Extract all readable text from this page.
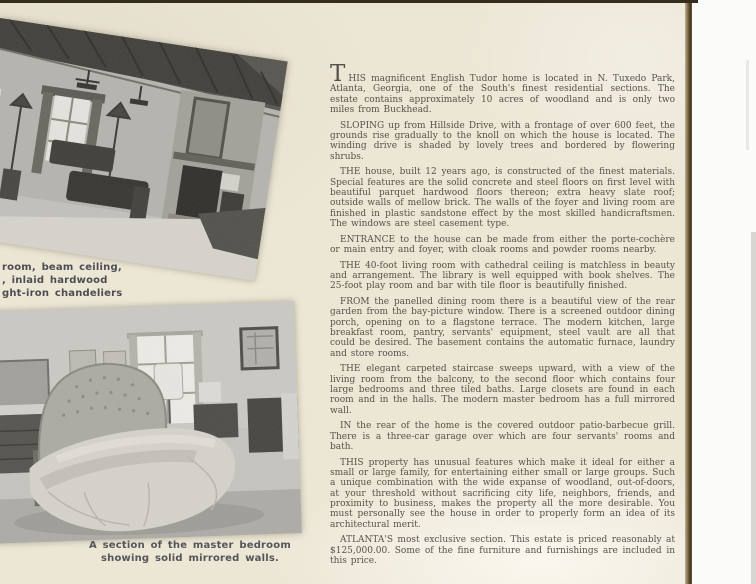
room, beam ceiling,
, inlaid hardwood
ght-iron chandeliers
A section of the master bedroom
showing solid mirrored walls.

THIS magnificent English Tudor home is located in N. Tuxedo Park, Atlanta, Georgia, one of the South's finest residential sections. The estate contains approximately 10 acres of woodland and is only two miles from Buckhead.

SLOPING up from Hillside Drive, with a frontage of over 600 feet, the grounds rise gradually to the knoll on which the house is located. The winding drive is shaded by lovely trees and bordered by flowering shrubs.

THE house, built 12 years ago, is constructed of the finest materials. Special features are the solid concrete and steel floors on first level with beautiful parquet hardwood floors thereon; extra heavy slate roof; outside walls of mellow brick. The walls of the foyer and living room are finished in plastic sandstone effect by the most skilled handicraftsmen. The windows are steel casement type.

ENTRANCE to the house can be made from either the porte-cochère or main entry and foyer, with cloak rooms and powder rooms nearby.

THE 40-foot living room with cathedral ceiling is matchless in beauty and arrangement. The library is well equipped with book shelves. The 25-foot play room and bar with tile floor is beautifully finished.

FROM the panelled dining room there is a beautiful view of the rear garden from the bay-picture window. There is a screened outdoor dining porch, opening on to a flagstone terrace. The modern kitchen, large breakfast room, pantry, servants' equipment, steel vault are all that could be desired. The basement contains the automatic furnace, laundry and store rooms.

THE elegant carpeted staircase sweeps upward, with a view of the living room from the balcony, to the second floor which contains four large bedrooms and three tiled baths. Large closets are found in each room and in the halls. The modern master bedroom has a full mirrored wall.

IN the rear of the home is the covered outdoor patio-barbecue grill. There is a three-car garage over which are four servants' rooms and bath.

THIS property has unusual features which make it ideal for either a small or large family, for entertaining either small or large groups. Such a unique combination with the wide expanse of woodland, out-of-doors, at your threshold without sacrificing city life, neighbors, friends, and proximity to business, makes the property all the more desirable. You must personally see the house in order to properly form an idea of its architectural merit.

ATLANTA'S most exclusive section. This estate is priced reasonably at $125,000.00. Some of the fine furniture and furnishings are included in this price.
